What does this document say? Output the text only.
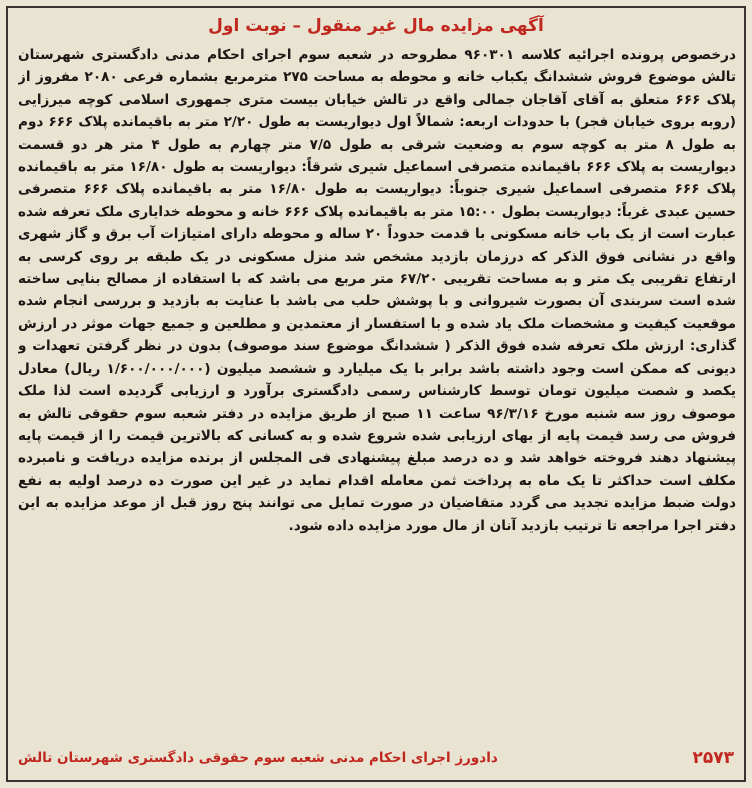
آگهی مزایده مال غیر منقول – نوبت اول
درخصوص پرونده اجرائیه کلاسه ۹۶۰۳۰۱ مطروحه در شعبه سوم اجرای احکام مدنی دادگستری شهرستان تالش موضوع فروش ششدانگ یکباب خانه و محوطه به مساحت ۲۷۵ مترمربع بشماره فرعی ۲۰۸۰ مفروز از پلاک ۶۶۶ متعلق به آقای آقاجان جمالی واقع در تالش خیابان بیست متری جمهوری اسلامی کوچه میرزایی (روبه بروی خیابان فجر) با حدودات اربعه: شمالاً اول دیواریست به طول ۲/۲۰ متر به باقیمانده پلاک ۶۶۶ دوم به طول ۸ متر به کوچه سوم به وضعیت شرقی به طول ۷/۵ متر چهارم به طول ۴ متر هر دو قسمت دیواریست به پلاک ۶۶۶ باقیمانده متصرفی اسماعیل شیری شرقاً: دیواریست به طول ۱۶/۸۰ متر به باقیمانده پلاک ۶۶۶ متصرفی اسماعیل شیری جنوباً: دیواریست به طول ۱۶/۸۰ متر به باقیمانده پلاک ۶۶۶ متصرفی حسین عبدی غرباً: دیواریست بطول ۱۵:۰۰ متر به باقیمانده پلاک ۶۶۶ خانه و محوطه خدایاری ملک تعرفه شده عبارت است از یک باب خانه مسکونی با قدمت حدوداً ۲۰ ساله و محوطه دارای امتیازات آب برق و گاز شهری واقع در نشانی فوق الذکر که درزمان بازدید مشخص شد منزل مسکونی در یک طبقه بر روی کرسی به ارتفاع تقریبی یک متر و به مساحت تقریبی ۶۷/۲۰ متر مربع می باشد که با استفاده از مصالح بنایی ساخته شده است سربندی آن بصورت شیروانی و با پوشش حلب می باشد با عنایت به بازدید و بررسی انجام شده موقعیت کیفیت و مشخصات ملک یاد شده و با استفسار از معتمدین و مطلعین و جمیع جهات موثر در ارزش گذاری: ارزش ملک تعرفه شده فوق الذکر ( ششدانگ موضوع سند موصوف) بدون در نظر گرفتن تعهدات و دیونی که ممکن است وجود داشته باشد برابر با یک میلیارد و ششصد میلیون (۱/۶۰۰/۰۰۰/۰۰۰ ریال) معادل یکصد و شصت میلیون تومان توسط کارشناس رسمی دادگستری برآورد و ارزیابی گردیده است لذا ملک موصوف روز سه شنبه مورخ ۹۶/۳/۱۶ ساعت ۱۱ صبح از طریق مزایده در دفتر شعبه سوم حقوقی تالش به فروش می رسد قیمت پایه از بهای ارزیابی شده شروع شده و به کسانی که بالاترین قیمت را از قیمت پایه پیشنهاد دهند فروخته خواهد شد و ده درصد مبلغ پیشنهادی فی المجلس از برنده مزایده دریافت و نامبرده مکلف است حداکثر تا یک ماه به پرداخت ثمن معامله اقدام نماید در غیر این صورت ده درصد اولیه به نفع دولت ضبط مزایده تجدید می گردد متقاضیان در صورت تمایل می توانند پنج روز قبل از موعد مزایده به این دفتر اجرا مراجعه تا ترتیب بازدید آنان از مال مورد مزایده داده شود.
دادورز اجرای احکام مدنی شعبه سوم حقوقی دادگستری شهرستان تالش	۲۵۷۳
